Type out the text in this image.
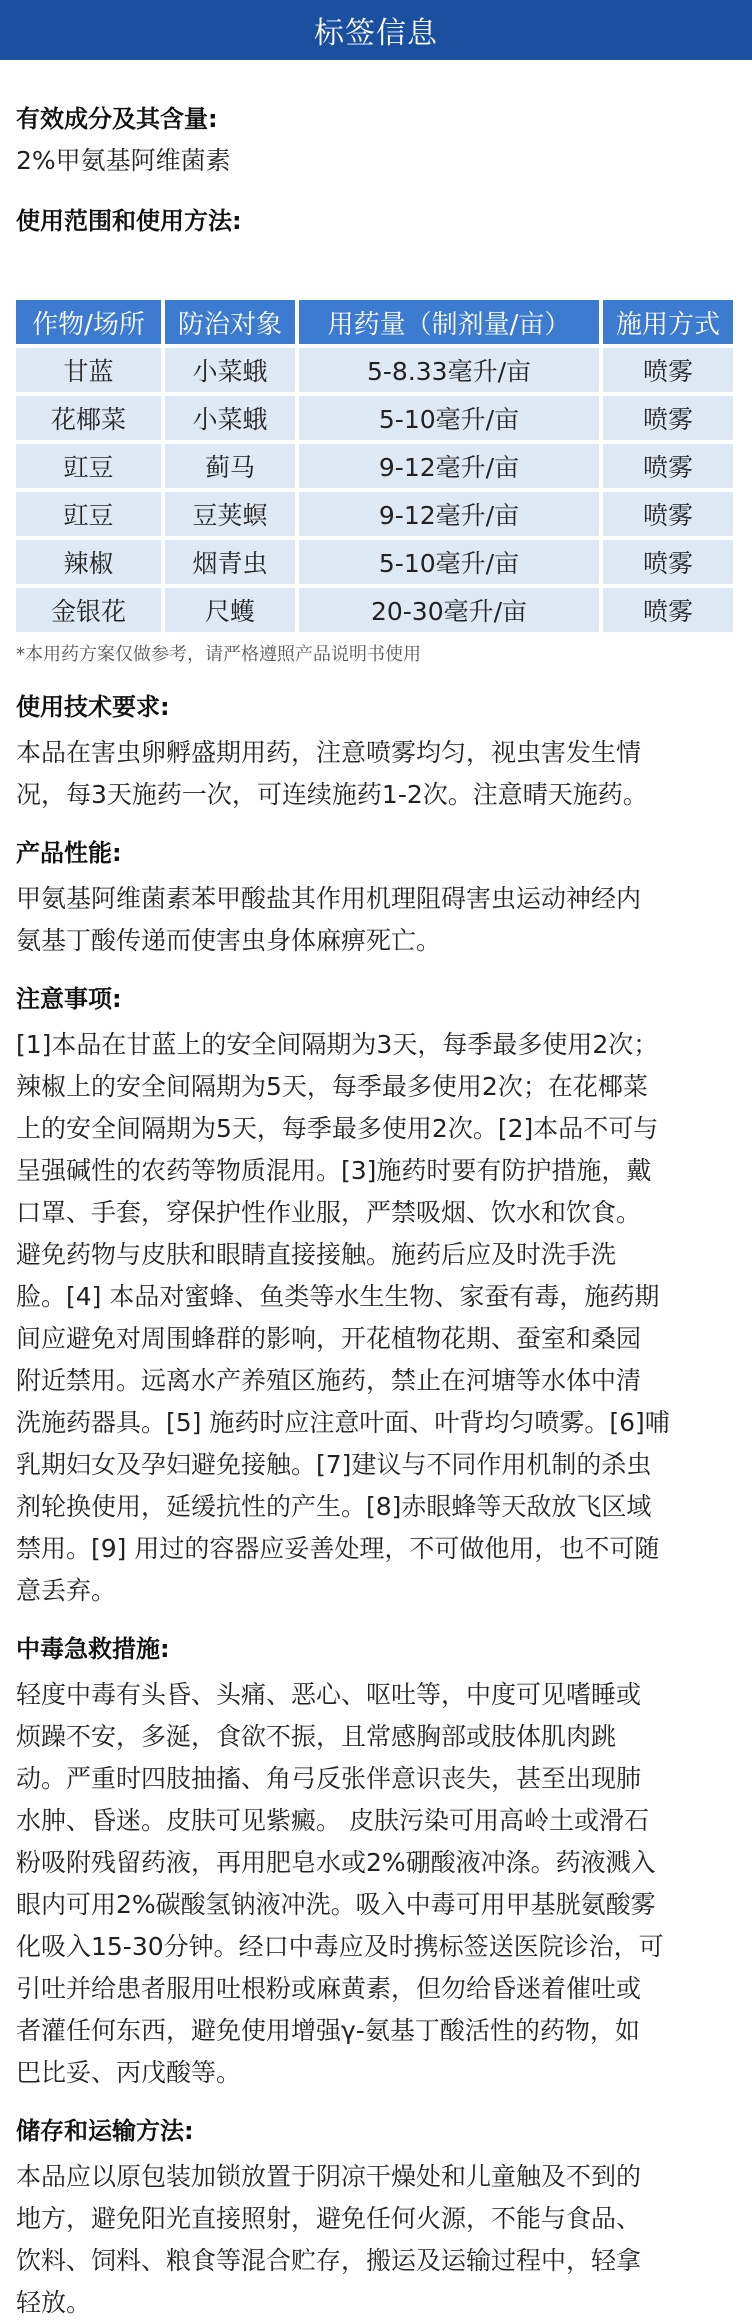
标签信息
有效成分及其含量:
2%甲氨基阿维菌素
使用范围和使用方法:
作物/场所	防治对象	用药量（制剂量/亩）	施用方式
甘蓝	小菜蛾	5-8.33毫升/亩	喷雾
花椰菜	小菜蛾	5-10毫升/亩	喷雾
豇豆	蓟马	9-12毫升/亩	喷雾
豇豆	豆荚螟	9-12毫升/亩	喷雾
辣椒	烟青虫	5-10毫升/亩	喷雾
金银花	尺蠖	20-30毫升/亩	喷雾
*本用药方案仅做参考，请严格遵照产品说明书使用
使用技术要求:
本品在害虫卵孵盛期用药，注意喷雾均匀，视虫害发生情
况，每3天施药一次，可连续施药1-2次。注意晴天施药。
产品性能:
甲氨基阿维菌素苯甲酸盐其作用机理阻碍害虫运动神经内
氨基丁酸传递而使害虫身体麻痹死亡。
注意事项:
[1]本品在甘蓝上的安全间隔期为3天，每季最多使用2次；
辣椒上的安全间隔期为5天，每季最多使用2次；在花椰菜
上的安全间隔期为5天，每季最多使用2次。[2]本品不可与
呈强碱性的农药等物质混用。[3]施药时要有防护措施，戴
口罩、手套，穿保护性作业服，严禁吸烟、饮水和饮食。
避免药物与皮肤和眼睛直接接触。施药后应及时洗手洗
脸。[4] 本品对蜜蜂、鱼类等水生生物、家蚕有毒，施药期
间应避免对周围蜂群的影响，开花植物花期、蚕室和桑园
附近禁用。远离水产养殖区施药，禁止在河塘等水体中清
洗施药器具。[5] 施药时应注意叶面、叶背均匀喷雾。[6]哺
乳期妇女及孕妇避免接触。[7]建议与不同作用机制的杀虫
剂轮换使用，延缓抗性的产生。[8]赤眼蜂等天敌放飞区域
禁用。[9] 用过的容器应妥善处理，不可做他用，也不可随
意丢弃。
中毒急救措施:
轻度中毒有头昏、头痛、恶心、呕吐等，中度可见嗜睡或
烦躁不安，多涎，食欲不振，且常感胸部或肢体肌肉跳
动。严重时四肢抽搐、角弓反张伴意识丧失，甚至出现肺
水肿、昏迷。皮肤可见紫癜。 皮肤污染可用高岭土或滑石
粉吸附残留药液，再用肥皂水或2%硼酸液冲涤。药液溅入
眼内可用2%碳酸氢钠液冲洗。吸入中毒可用甲基胱氨酸雾
化吸入15-30分钟。经口中毒应及时携标签送医院诊治，可
引吐并给患者服用吐根粉或麻黄素，但勿给昏迷着催吐或
者灌任何东西，避免使用增强γ-氨基丁酸活性的药物，如
巴比妥、丙戊酸等。
储存和运输方法:
本品应以原包装加锁放置于阴凉干燥处和儿童触及不到的
地方，避免阳光直接照射，避免任何火源，不能与食品、
饮料、饲料、粮食等混合贮存，搬运及运输过程中，轻拿
轻放。
